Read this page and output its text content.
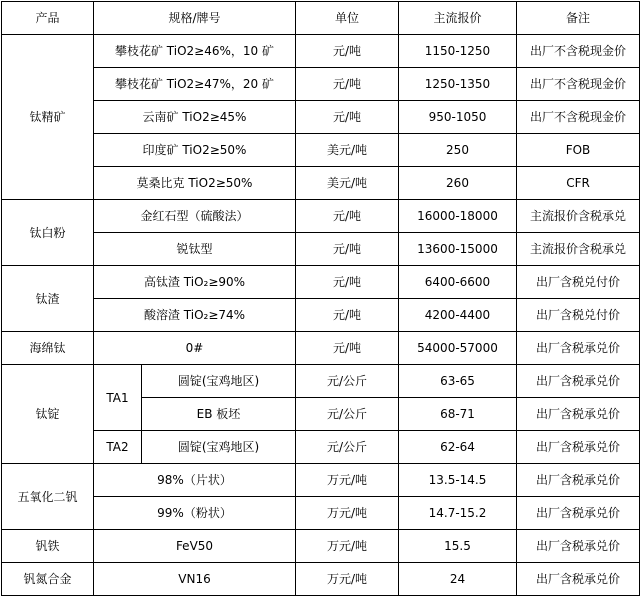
产品	规格/牌号		单位	主流报价	备注
钛精矿	攀枝花矿 TiO2≥46%，10 矿		元/吨	1150-1250	出厂不含税现金价
	攀枝花矿 TiO2≥47%，20 矿		元/吨	1250-1350	出厂不含税现金价
	云南矿 TiO2≥45%		元/吨	950-1050	出厂不含税现金价
	印度矿 TiO2≥50%		美元/吨	250	FOB
	莫桑比克 TiO2≥50%		美元/吨	260	CFR
钛白粉	金红石型（硫酸法）		元/吨	16000-18000	主流报价含税承兑
	锐钛型		元/吨	13600-15000	主流报价含税承兑
钛渣	高钛渣 TiO₂≥90%		元/吨	6400-6600	出厂含税兑付价
	酸溶渣 TiO₂≥74%		元/吨	4200-4400	出厂含税兑付价
海绵钛	0#		元/吨	54000-57000	出厂含税承兑价
钛锭	TA1	圆锭(宝鸡地区)	元/公斤	63-65	出厂含税承兑价
		EB 板坯	元/公斤	68-71	出厂含税承兑价
	TA2	圆锭(宝鸡地区)	元/公斤	62-64	出厂含税承兑价
五氧化二钒	98%（片状）		万元/吨	13.5-14.5	出厂含税承兑价
	99%（粉状）		万元/吨	14.7-15.2	出厂含税承兑价
钒铁	FeV50		万元/吨	15.5	出厂含税承兑价
钒氮合金	VN16		万元/吨	24	出厂含税承兑价
